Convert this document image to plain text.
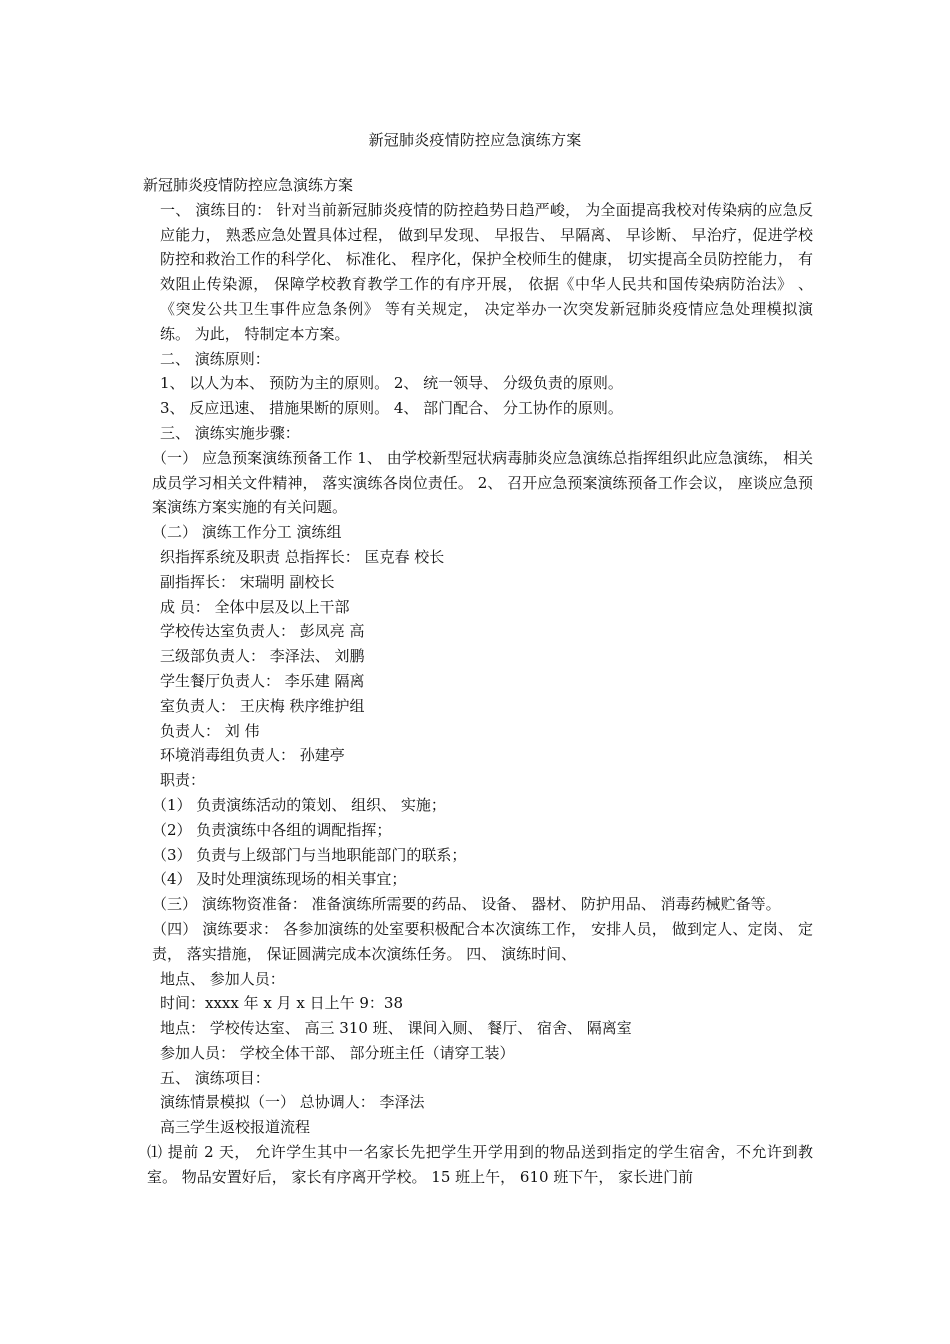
新冠肺炎疫情防控应急演练方案

新冠肺炎疫情防控应急演练方案

一、 演练目的： 针对当前新冠肺炎疫情的防控趋势日趋严峻， 为全面提高我校对传染病的应急反应能力， 熟悉应急处置具体过程， 做到早发现、 早报告、 早隔离、 早诊断、 早治疗，促进学校防控和救治工作的科学化、 标准化、 程序化，保护全校师生的健康， 切实提高全员防控能力， 有效阻止传染源， 保障学校教育教学工作的有序开展， 依据《中华人民共和国传染病防治法》 、 《突发公共卫生事件应急条例》 等有关规定， 决定举办一次突发新冠肺炎疫情应急处理模拟演练。 为此， 特制定本方案。

二、 演练原则：

1、 以人为本、 预防为主的原则。 2、 统一领导、 分级负责的原则。

3、 反应迅速、 措施果断的原则。 4、 部门配合、 分工协作的原则。

三、 演练实施步骤：

（一） 应急预案演练预备工作 1、 由学校新型冠状病毒肺炎应急演练总指挥组织此应急演练， 相关成员学习相关文件精神， 落实演练各岗位责任。 2、 召开应急预案演练预备工作会议， 座谈应急预案演练方案实施的有关问题。

（二） 演练工作分工 演练组

织指挥系统及职责 总指挥长： 匡克春 校长

副指挥长： 宋瑞明 副校长

成 员： 全体中层及以上干部

学校传达室负责人： 彭凤亮 高

三级部负责人： 李泽法、 刘鹏

学生餐厅负责人： 李乐建 隔离

室负责人： 王庆梅 秩序维护组

负责人： 刘 伟

环境消毒组负责人： 孙建亭

职责：

（1） 负责演练活动的策划、 组织、 实施；

（2） 负责演练中各组的调配指挥；

（3） 负责与上级部门与当地职能部门的联系；

（4） 及时处理演练现场的相关事宜；

（三） 演练物资准备： 准备演练所需要的药品、 设备、 器材、 防护用品、 消毒药械贮备等。

（四） 演练要求： 各参加演练的处室要积极配合本次演练工作， 安排人员， 做到定人、定岗、 定责， 落实措施， 保证圆满完成本次演练任务。 四、 演练时间、

地点、 参加人员：

时间：xxxx 年 x 月 x 日上午 9：38

地点： 学校传达室、 高三 310 班、 课间入厕、 餐厅、 宿舍、 隔离室

参加人员： 学校全体干部、 部分班主任（请穿工装）

五、 演练项目：

演练情景模拟（一） 总协调人： 李泽法

高三学生返校报道流程

⑴ 提前 2 天， 允许学生其中一名家长先把学生开学用到的物品送到指定的学生宿舍，不允许到教室。 物品安置好后， 家长有序离开学校。 15 班上午， 610 班下午， 家长进门前
